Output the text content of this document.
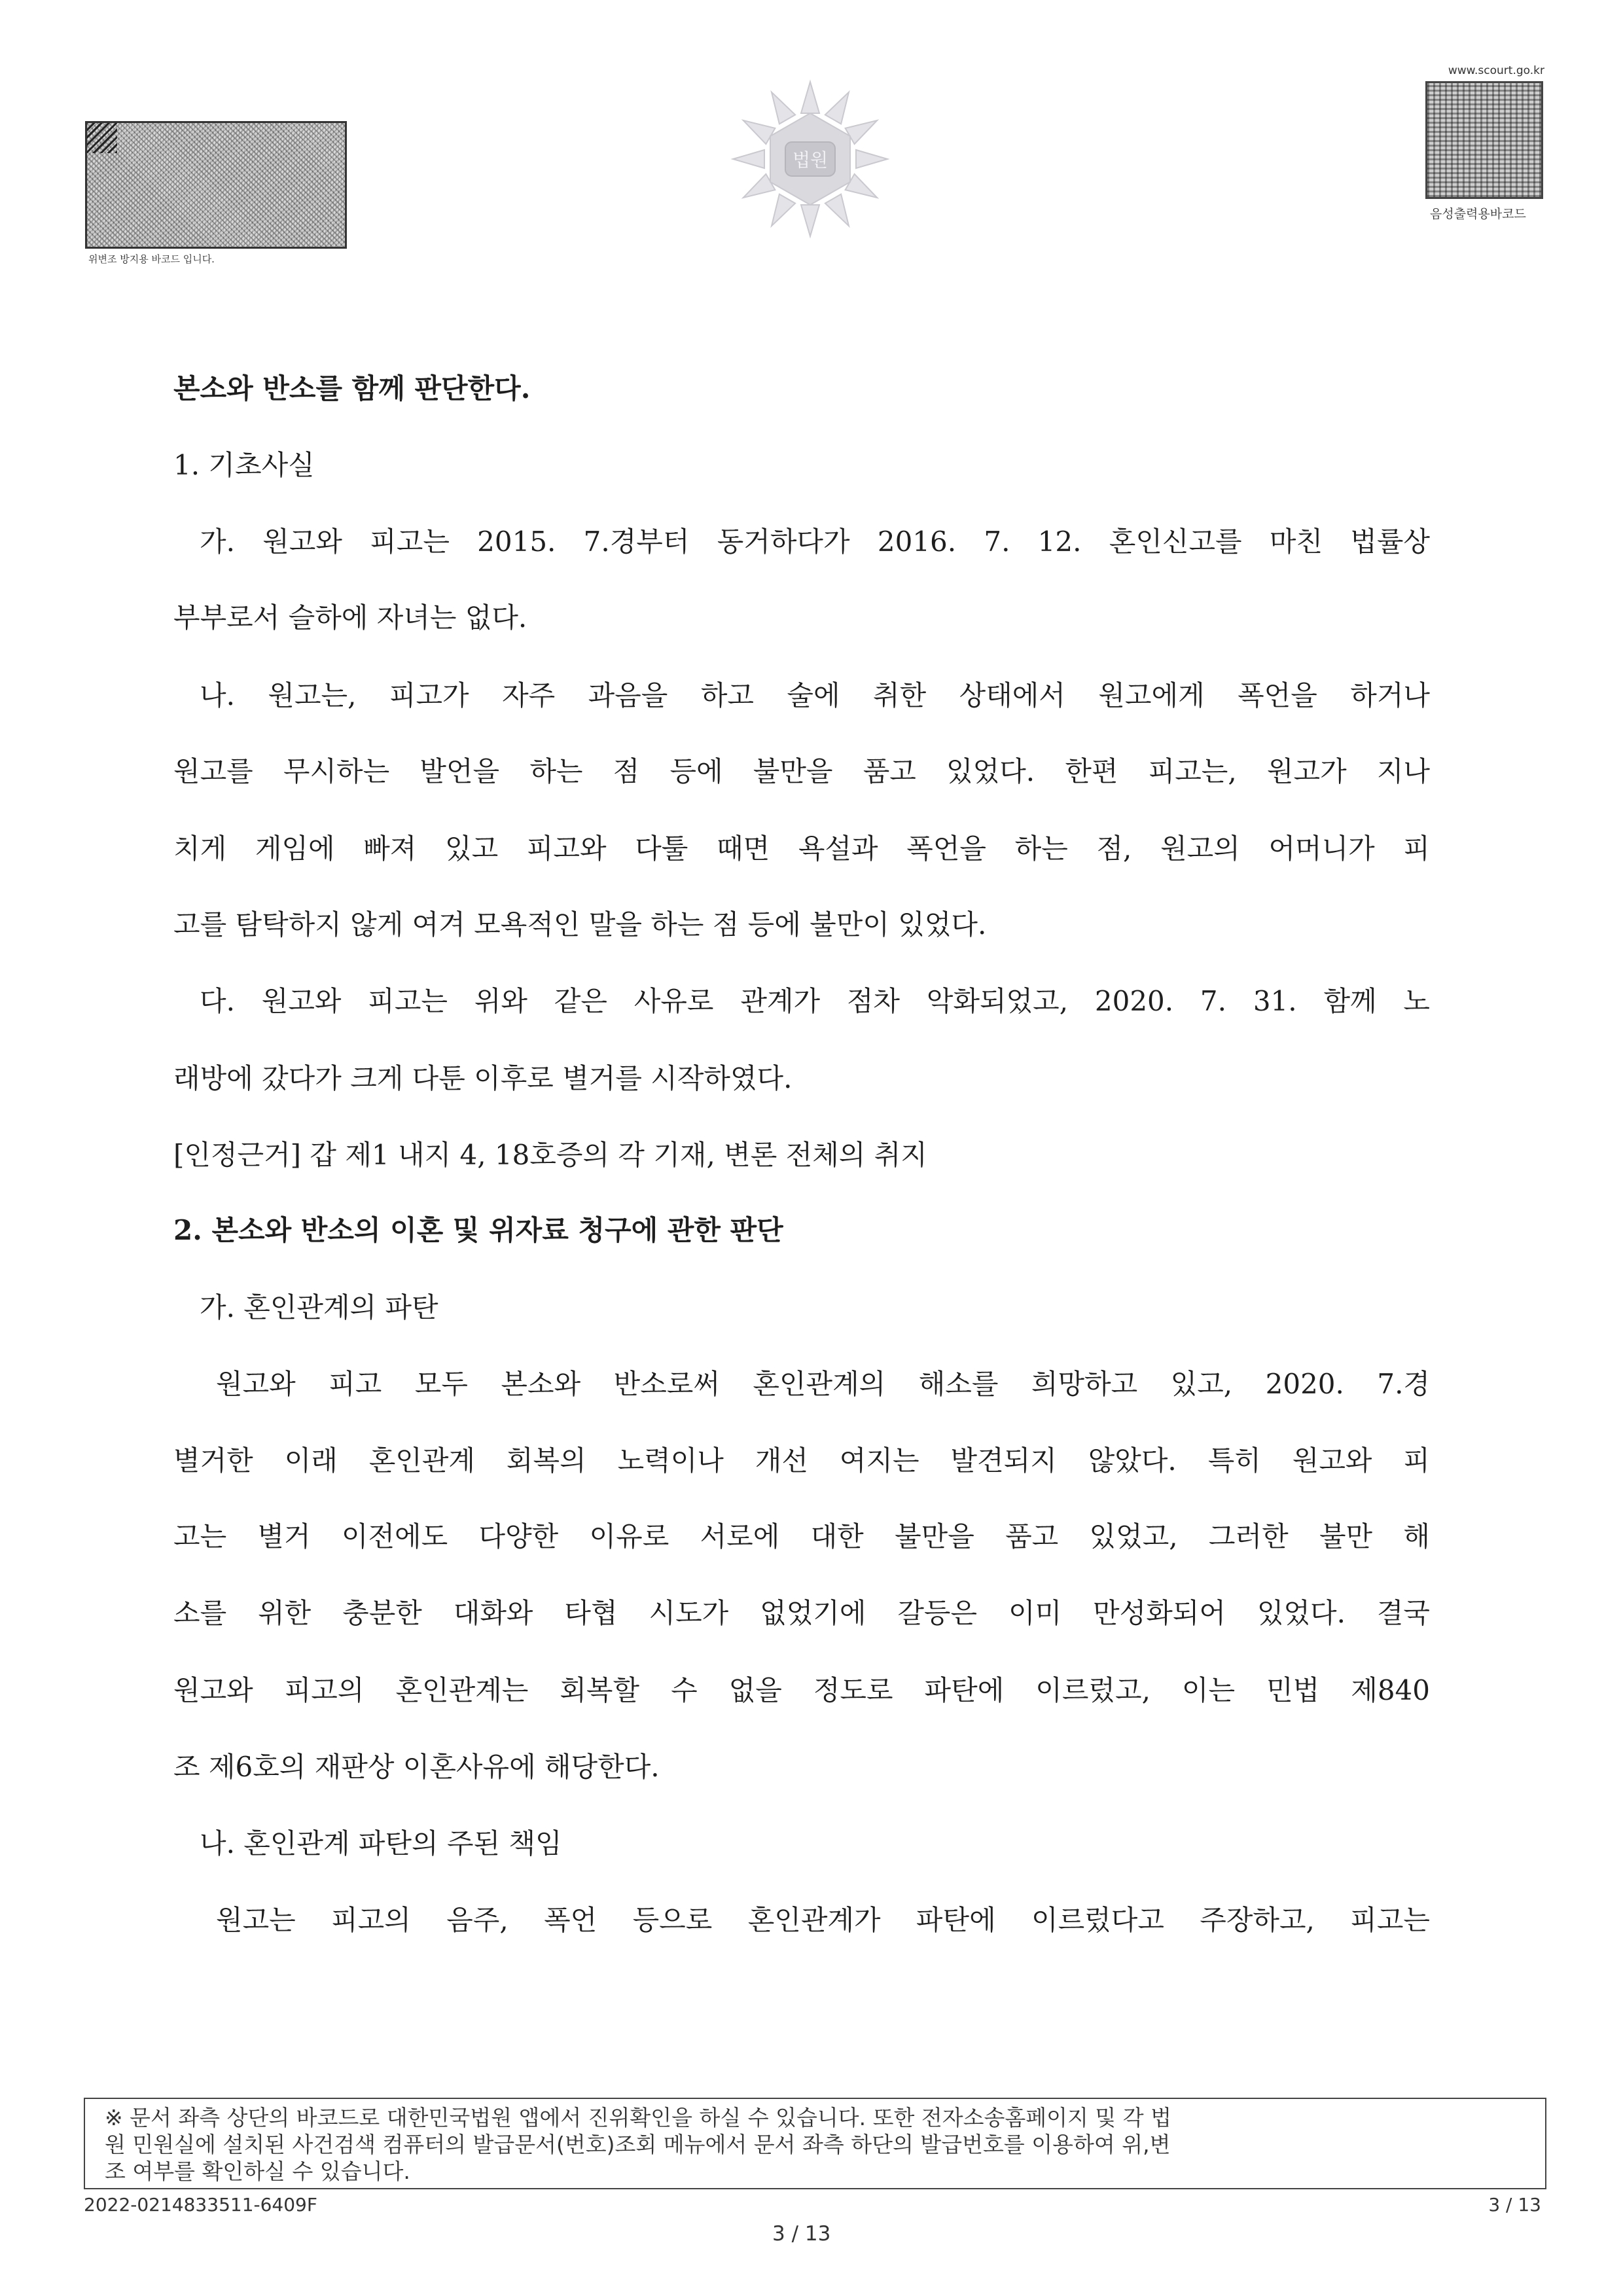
위변조 방지용 바코드 입니다.
법원
www.scourt.go.kr
음성출력용바코드
본소와 반소를 함께 판단한다.
1. 기초사실
가. 원고와 피고는 2015. 7.경부터 동거하다가 2016. 7. 12. 혼인신고를 마친 법률상
부부로서 슬하에 자녀는 없다.
나. 원고는, 피고가 자주 과음을 하고 술에 취한 상태에서 원고에게 폭언을 하거나
원고를 무시하는 발언을 하는 점 등에 불만을 품고 있었다. 한편 피고는, 원고가 지나
치게 게임에 빠져 있고 피고와 다툴 때면 욕설과 폭언을 하는 점, 원고의 어머니가 피
고를 탐탁하지 않게 여겨 모욕적인 말을 하는 점 등에 불만이 있었다.
다. 원고와 피고는 위와 같은 사유로 관계가 점차 악화되었고, 2020. 7. 31. 함께 노
래방에 갔다가 크게 다툰 이후로 별거를 시작하였다.
[인정근거] 갑 제1 내지 4, 18호증의 각 기재, 변론 전체의 취지
2. 본소와 반소의 이혼 및 위자료 청구에 관한 판단
가. 혼인관계의 파탄
원고와 피고 모두 본소와 반소로써 혼인관계의 해소를 희망하고 있고, 2020. 7.경
별거한 이래 혼인관계 회복의 노력이나 개선 여지는 발견되지 않았다. 특히 원고와 피
고는 별거 이전에도 다양한 이유로 서로에 대한 불만을 품고 있었고, 그러한 불만 해
소를 위한 충분한 대화와 타협 시도가 없었기에 갈등은 이미 만성화되어 있었다. 결국
원고와 피고의 혼인관계는 회복할 수 없을 정도로 파탄에 이르렀고, 이는 민법 제840
조 제6호의 재판상 이혼사유에 해당한다.
나. 혼인관계 파탄의 주된 책임
원고는 피고의 음주, 폭언 등으로 혼인관계가 파탄에 이르렀다고 주장하고, 피고는
※ 문서 좌측 상단의 바코드로 대한민국법원 앱에서 진위확인을 하실 수 있습니다. 또한 전자소송홈페이지 및 각 법
원 민원실에 설치된 사건검색 컴퓨터의 발급문서(번호)조회 메뉴에서 문서 좌측 하단의 발급번호를 이용하여 위,변
조 여부를 확인하실 수 있습니다.
2022-0214833511-6409F
3 / 13
3 / 13
